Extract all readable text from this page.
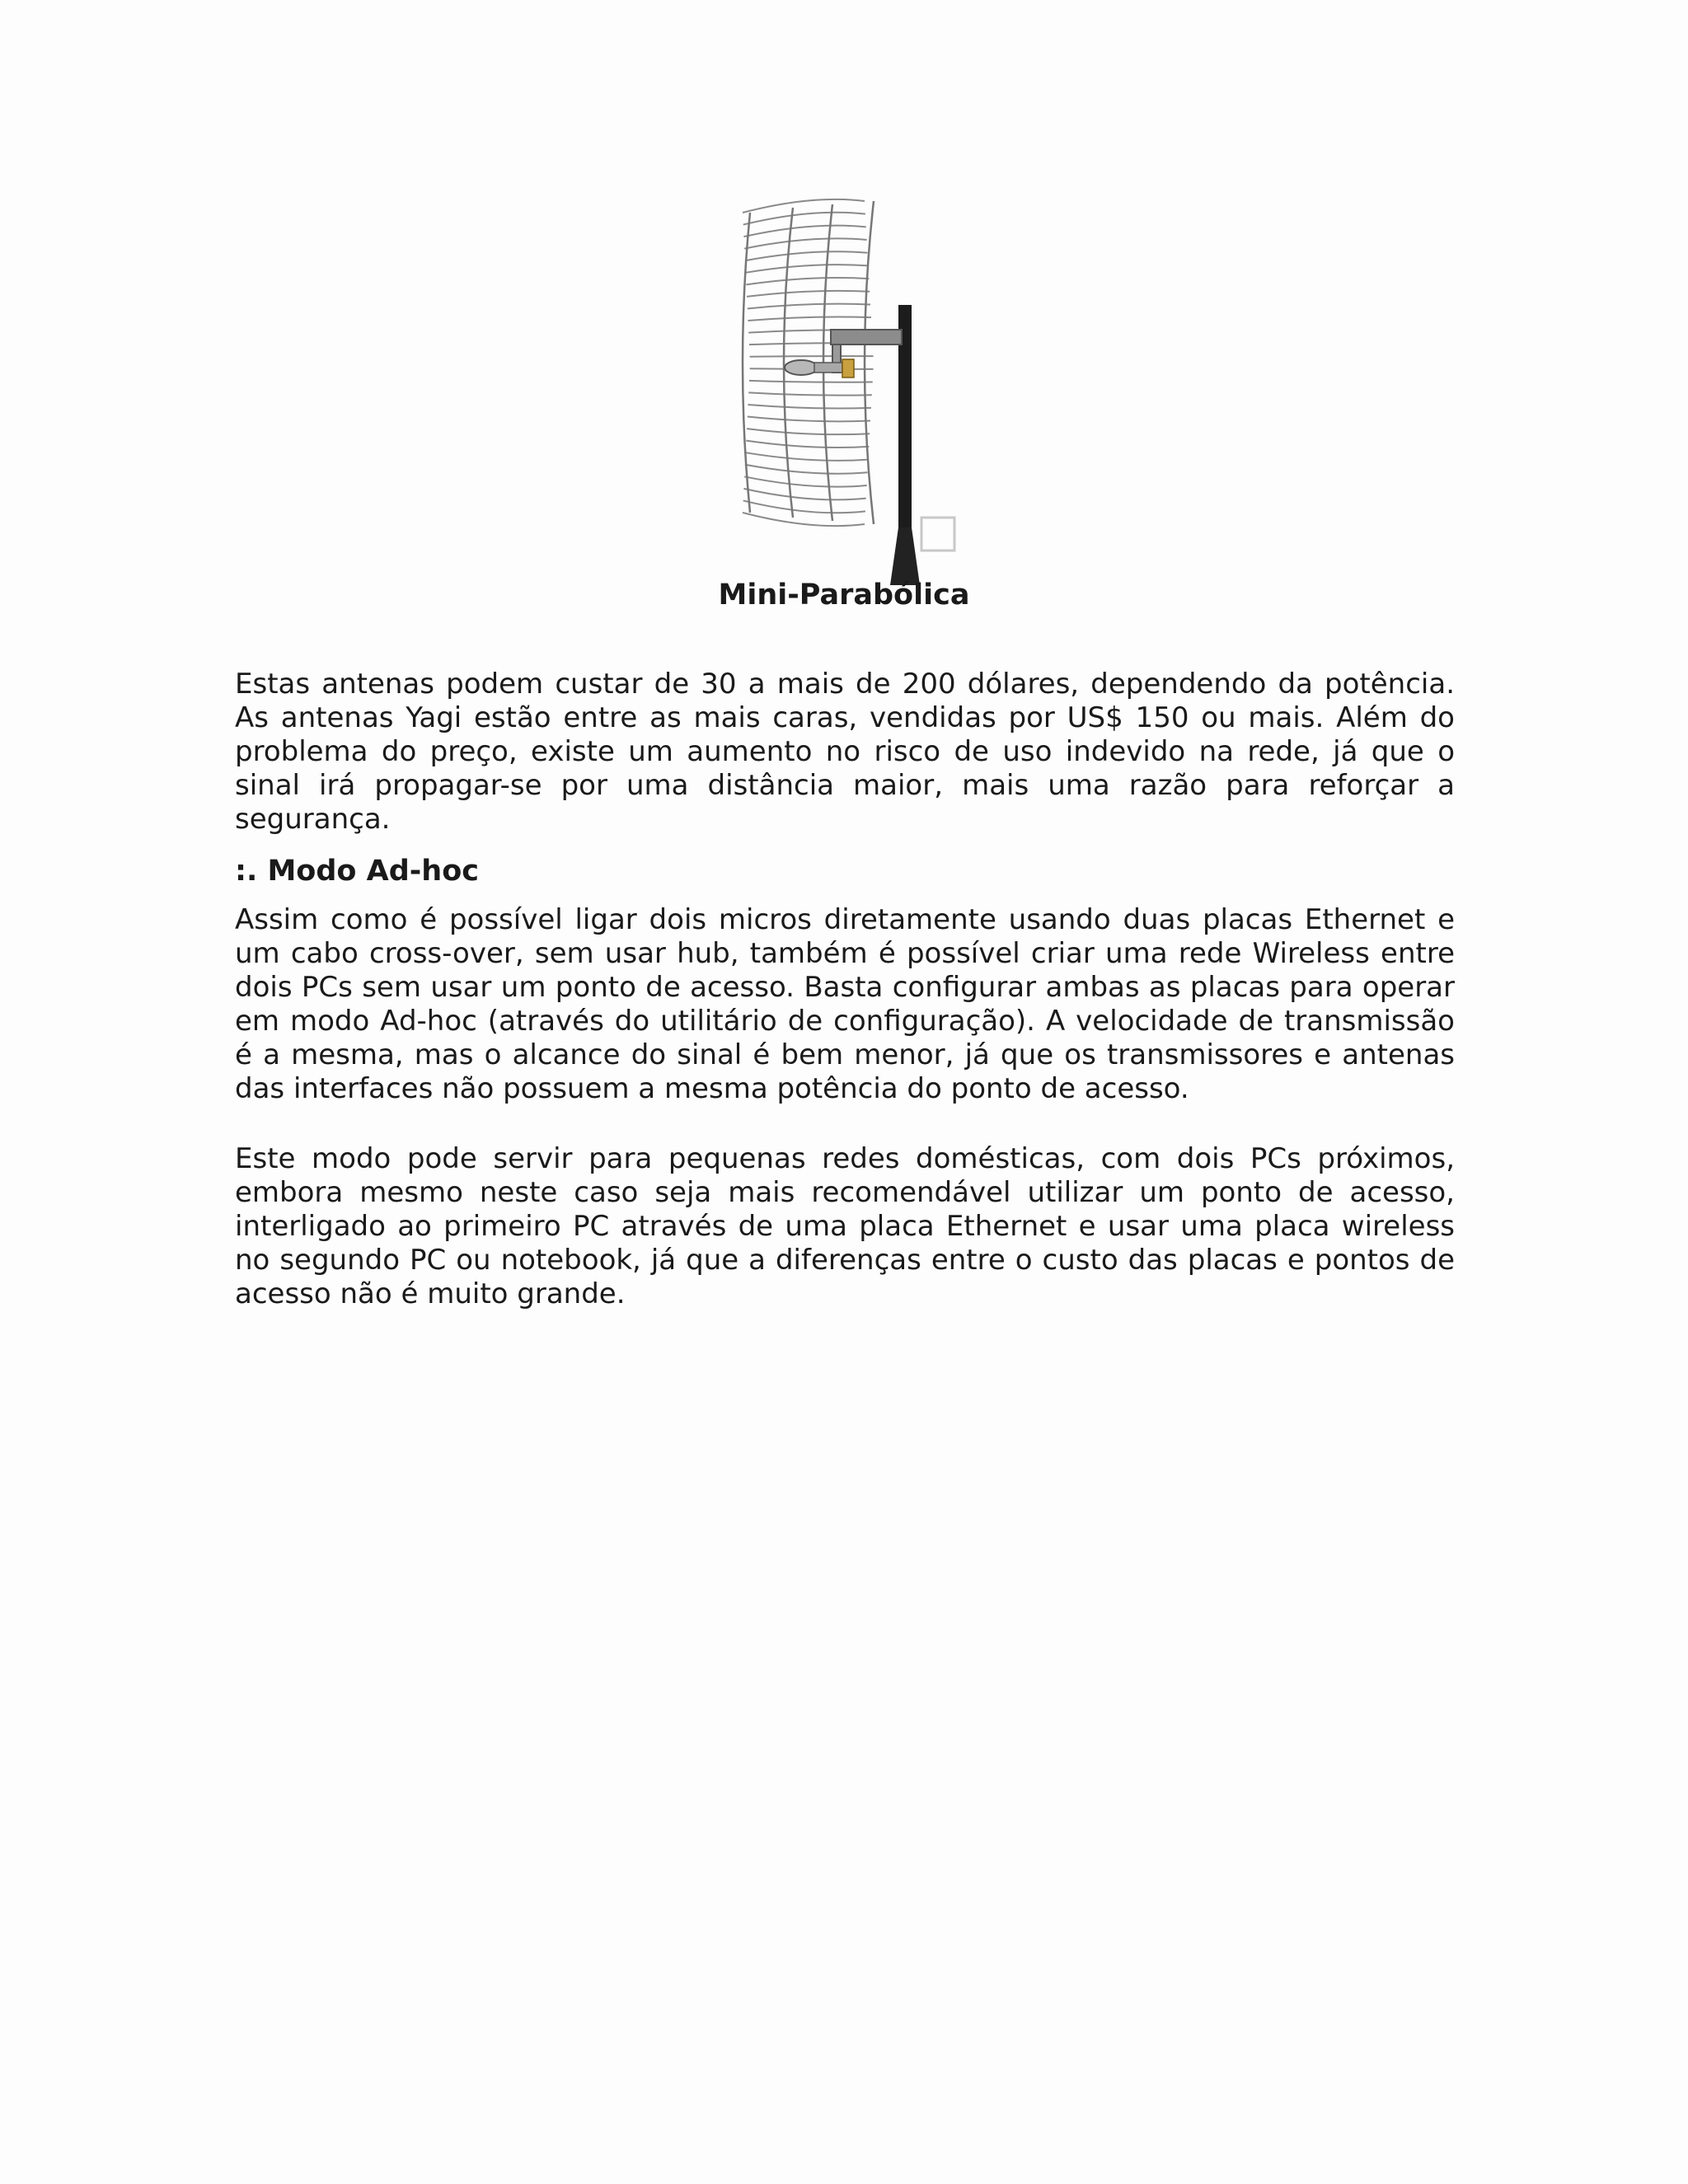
Mini-Parabólica

Estas antenas podem custar de 30 a mais de 200 dólares, dependendo da potência. As antenas Yagi estão entre as mais caras, vendidas por US$ 150 ou mais. Além do problema do preço, existe um aumento no risco de uso indevido na rede, já que o sinal irá propagar-se por uma distância maior, mais uma razão para reforçar a segurança.

:. Modo Ad-hoc

Assim como é possível ligar dois micros diretamente usando duas placas Ethernet e um cabo cross-over, sem usar hub, também é possível criar uma rede Wireless entre dois PCs sem usar um ponto de acesso. Basta configurar ambas as placas para operar em modo Ad-hoc (através do utilitário de configuração). A velocidade de transmissão é a mesma, mas o alcance do sinal é bem menor, já que os transmissores e antenas das interfaces não possuem a mesma potência do ponto de acesso.

Este modo pode servir para pequenas redes domésticas, com dois PCs próximos, embora mesmo neste caso seja mais recomendável utilizar um ponto de acesso, interligado ao primeiro PC através de uma placa Ethernet e usar uma placa wireless no segundo PC ou notebook, já que a diferenças entre o custo das placas e pontos de acesso não é muito grande.
